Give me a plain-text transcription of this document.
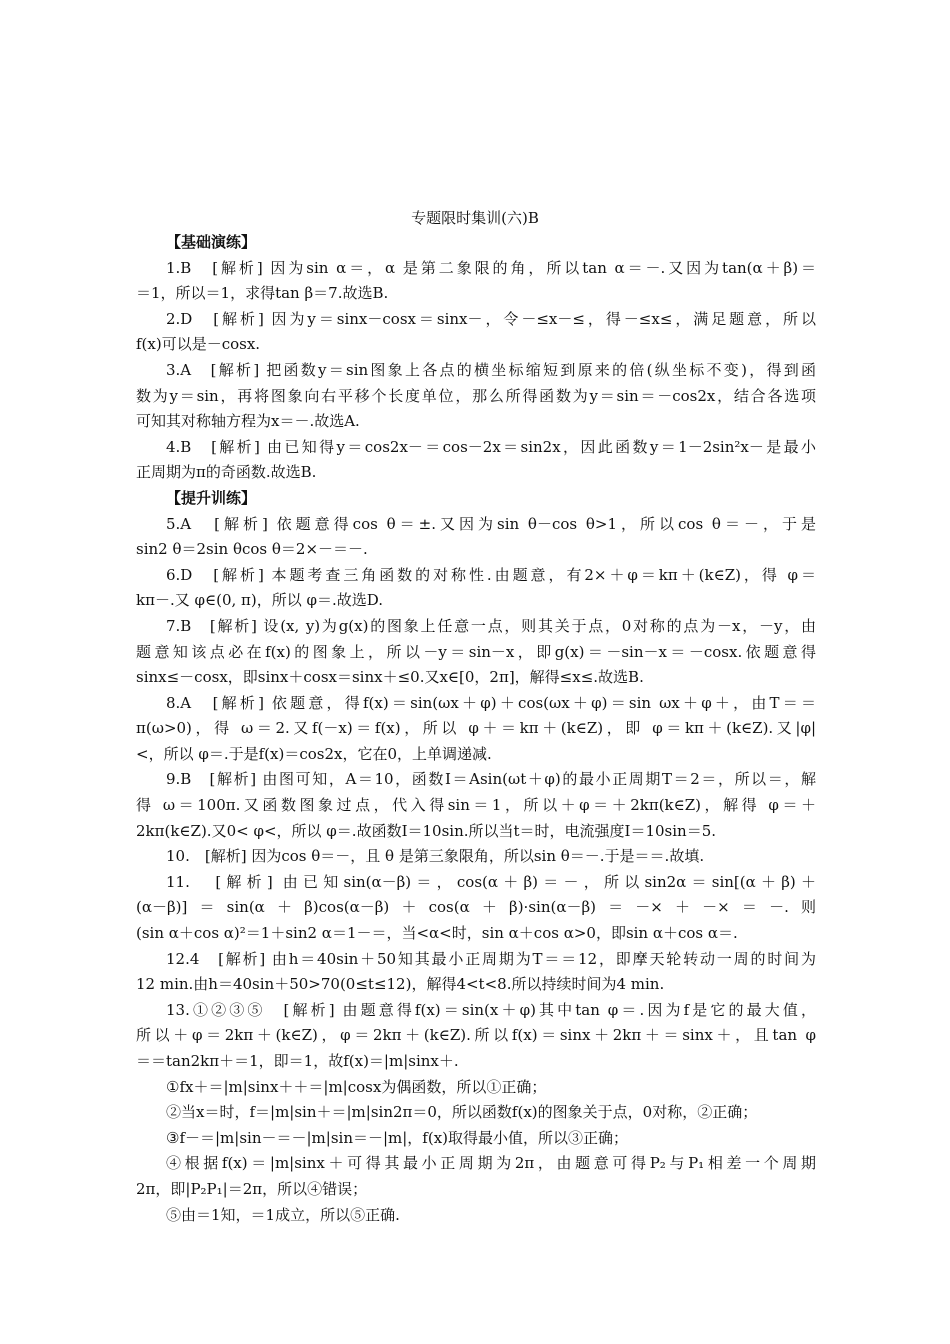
专题限时集训(六)B
【基础演练】
1.B　[解析] 因为sin α＝，α 是第二象限的角，所以tan α＝－.又因为tan(α＋β)＝
＝1，所以＝1，求得tan β＝7.故选B.
2.D　[解析] 因为y＝sinx－cosx＝sinx－，令－≤x－≤，得－≤x≤，满足题意，所以
f(x)可以是－cosx.
3.A　[解析] 把函数y＝sin图象上各点的横坐标缩短到原来的倍(纵坐标不变)，得到函
数为y＝sin，再将图象向右平移个长度单位，那么所得函数为y＝sin＝－cos2x，结合各选项
可知其对称轴方程为x＝－.故选A.
4.B　[解析] 由已知得y＝cos2x－＝cos－2x＝sin2x，因此函数y＝1－2sin²x－是最小
正周期为π的奇函数.故选B.
【提升训练】
5.A　[解析] 依题意得cos θ＝±.又因为sin θ－cos θ>1，所以cos θ＝－，于是
sin2 θ＝2sin θcos θ＝2×－＝－.
6.D　[解析] 本题考查三角函数的对称性.由题意，有2×＋φ＝kπ＋(k∈Z)，得 φ＝
kπ－.又 φ∈(0, π)，所以 φ＝.故选D.
7.B　[解析] 设(x, y)为g(x)的图象上任意一点，则其关于点，0对称的点为－x，－y，由
题意知该点必在f(x)的图象上，所以－y＝sin－x，即g(x)＝－sin－x＝－cosx.依题意得
sinx≤－cosx，即sinx＋cosx＝sinx＋≤0.又x∈[0，2π]，解得≤x≤.故选B.
8.A　[解析] 依题意，得f(x)＝sin(ωx＋φ)＋cos(ωx＋φ)＝sin ωx＋φ＋，由T＝＝
π(ω>0)，得 ω＝2.又f(－x)＝f(x)，所以 φ＋＝kπ＋(k∈Z)，即 φ＝kπ＋(k∈Z).又|φ|
<，所以 φ＝.于是f(x)＝cos2x，它在0，上单调递减.
9.B　[解析] 由图可知，A＝10，函数I＝Asin(ωt＋φ)的最小正周期T＝2＝，所以＝，解
得 ω＝100π.又函数图象过点，代入得sin＝1，所以＋φ＝＋2kπ(k∈Z)，解得 φ＝＋
2kπ(k∈Z).又0< φ<，所以 φ＝.故函数I＝10sin.所以当t＝时，电流强度I＝10sin＝5.
10.　[解析] 因为cos θ＝－，且 θ 是第三象限角，所以sin θ＝－.于是＝＝.故填.
11.　[解析] 由已知sin(α－β)＝，cos(α＋β)＝－，所以sin2α＝sin[(α＋β)＋
(α－β)]＝sin(α＋β)cos(α－β)＋cos(α＋β)·sin(α－β)＝－×＋－×＝－.则
(sin α＋cos α)²＝1＋sin2 α＝1－＝，当<α<时，sin α＋cos α>0，即sin α＋cos α＝.
12.4　[解析] 由h＝40sin＋50知其最小正周期为T＝＝12，即摩天轮转动一周的时间为
12 min.由h＝40sin＋50>70(0≤t≤12)，解得4<t<8.所以持续时间为4 min.
13.①②③⑤　[解析] 由题意得f(x)＝sin(x＋φ)其中tan φ＝.因为f是它的最大值，
所以＋φ＝2kπ＋(k∈Z)，φ＝2kπ＋(k∈Z).所以f(x)＝sinx＋2kπ＋＝sinx＋，且tan φ
＝＝tan2kπ＋＝1，即＝1，故f(x)＝|m|sinx＋.
①fx＋＝|m|sinx＋＋＝|m|cosx为偶函数，所以①正确；
②当x＝时，f＝|m|sin＋＝|m|sin2π＝0，所以函数f(x)的图象关于点，0对称，②正确；
③f－＝|m|sin－＝－|m|sin＝－|m|，f(x)取得最小值，所以③正确；
④根据f(x)＝|m|sinx＋可得其最小正周期为2π，由题意可得P₂与P₁相差一个周期
2π，即|P₂P₁|＝2π，所以④错误；
⑤由＝1知，＝1成立，所以⑤正确.
